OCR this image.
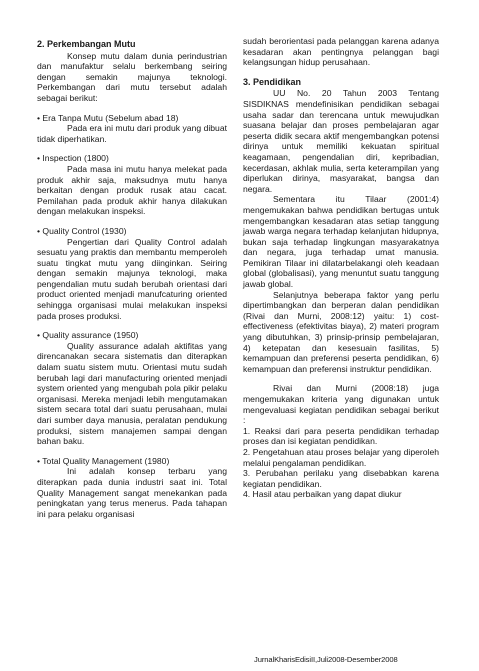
2. Perkembangan Mutu

Konsep mutu dalam dunia perindustrian dan manufaktur selalu berkembang seiring dengan semakin majunya teknologi. Perkembangan dari mutu tersebut adalah sebagai berikut:

• Era Tanpa Mutu (Sebelum abad 18)

Pada era ini mutu dari produk yang dibuat tidak diperhatikan.

• Inspection (1800)

Pada masa ini mutu hanya melekat pada produk akhir saja, maksudnya mutu hanya berkaitan dengan produk rusak atau cacat. Pemilahan pada produk akhir hanya dilakukan dengan melakukan inspeksi.

• Quality Control (1930)

Pengertian dari Quality Control adalah sesuatu yang praktis dan membantu memperoleh suatu tingkat mutu yang diinginkan. Seiring dengan semakin majunya teknologi, maka pengendalian mutu sudah berubah orientasi dari product oriented menjadi manufcaturing oriented sehingga organisasi mulai melakukan inspeksi pada proses produksi.

• Quality assurance (1950)

Quality assurance adalah aktifitas yang direncanakan secara sistematis dan diterapkan dalam suatu sistem mutu. Orientasi mutu sudah berubah lagi dari manufacturing oriented menjadi system oriented yang mengubah pola pikir pelaku organisasi. Mereka menjadi lebih mengutamakan sistem secara total dari suatu perusahaan, mulai dari sumber daya manusia, peralatan pendukung produksi, sistem manajemen sampai dengan bahan baku.

• Total Quality Management (1980)

Ini adalah konsep terbaru yang diterapkan pada dunia industri saat ini. Total Quality Management sangat menekankan pada peningkatan yang terus menerus. Pada tahapan ini para pelaku organisasi

sudah berorientasi pada pelanggan karena adanya kesadaran akan pentingnya pelanggan bagi kelangsungan hidup perusahaan.

3. Pendidikan

UU No. 20 Tahun 2003 Tentang SISDIKNAS mendefinisikan pendidikan sebagai usaha sadar dan terencana untuk mewujudkan suasana belajar dan proses pembelajaran agar peserta didik secara aktif mengembangkan potensi dirinya untuk memiliki kekuatan spiritual keagamaan, pengendalian diri, kepribadian, kecerdasan, akhlak mulia, serta keterampilan yang diperlukan dirinya, masyarakat, bangsa dan negara.

Sementara itu Tilaar (2001:4) mengemukakan bahwa pendidikan bertugas untuk mengembangkan kesadaran atas setiap tanggung jawab warga negara terhadap kelanjutan hidupnya, bukan saja terhadap lingkungan masyarakatnya dan negara, juga terhadap umat manusia. Pemikiran Tilaar ini dilatarbelakangi oleh keadaan global (globalisasi), yang menuntut suatu tanggung jawab global.

Selanjutnya beberapa faktor yang perlu dipertimbangkan dan berperan dalan pendidikan (Rivai dan Murni, 2008:12) yaitu: 1) cost-effectiveness (efektivitas biaya), 2) materi program yang dibutuhkan, 3) prinsip-prinsip pembelajaran, 4) ketepatan dan kesesuain fasilitas, 5) kemampuan dan preferensi peserta pendidikan, 6) kemampuan dan preferensi instruktur pendidikan.

Rivai dan Murni (2008:18) juga mengemukakan kriteria yang digunakan untuk mengevaluasi kegiatan pendidikan sebagai berikut :

1. Reaksi dari para peserta pendidikan terhadap proses dan isi kegiatan pendidikan.

2. Pengetahuan atau proses belajar yang diperoleh melalui pengalaman pendidikan.

3. Perubahan perilaku yang disebabkan karena kegiatan pendidikan.

4. Hasil atau perbaikan yang dapat diukur

JurnalKharisEdisiII,Juli2008-Desember2008
